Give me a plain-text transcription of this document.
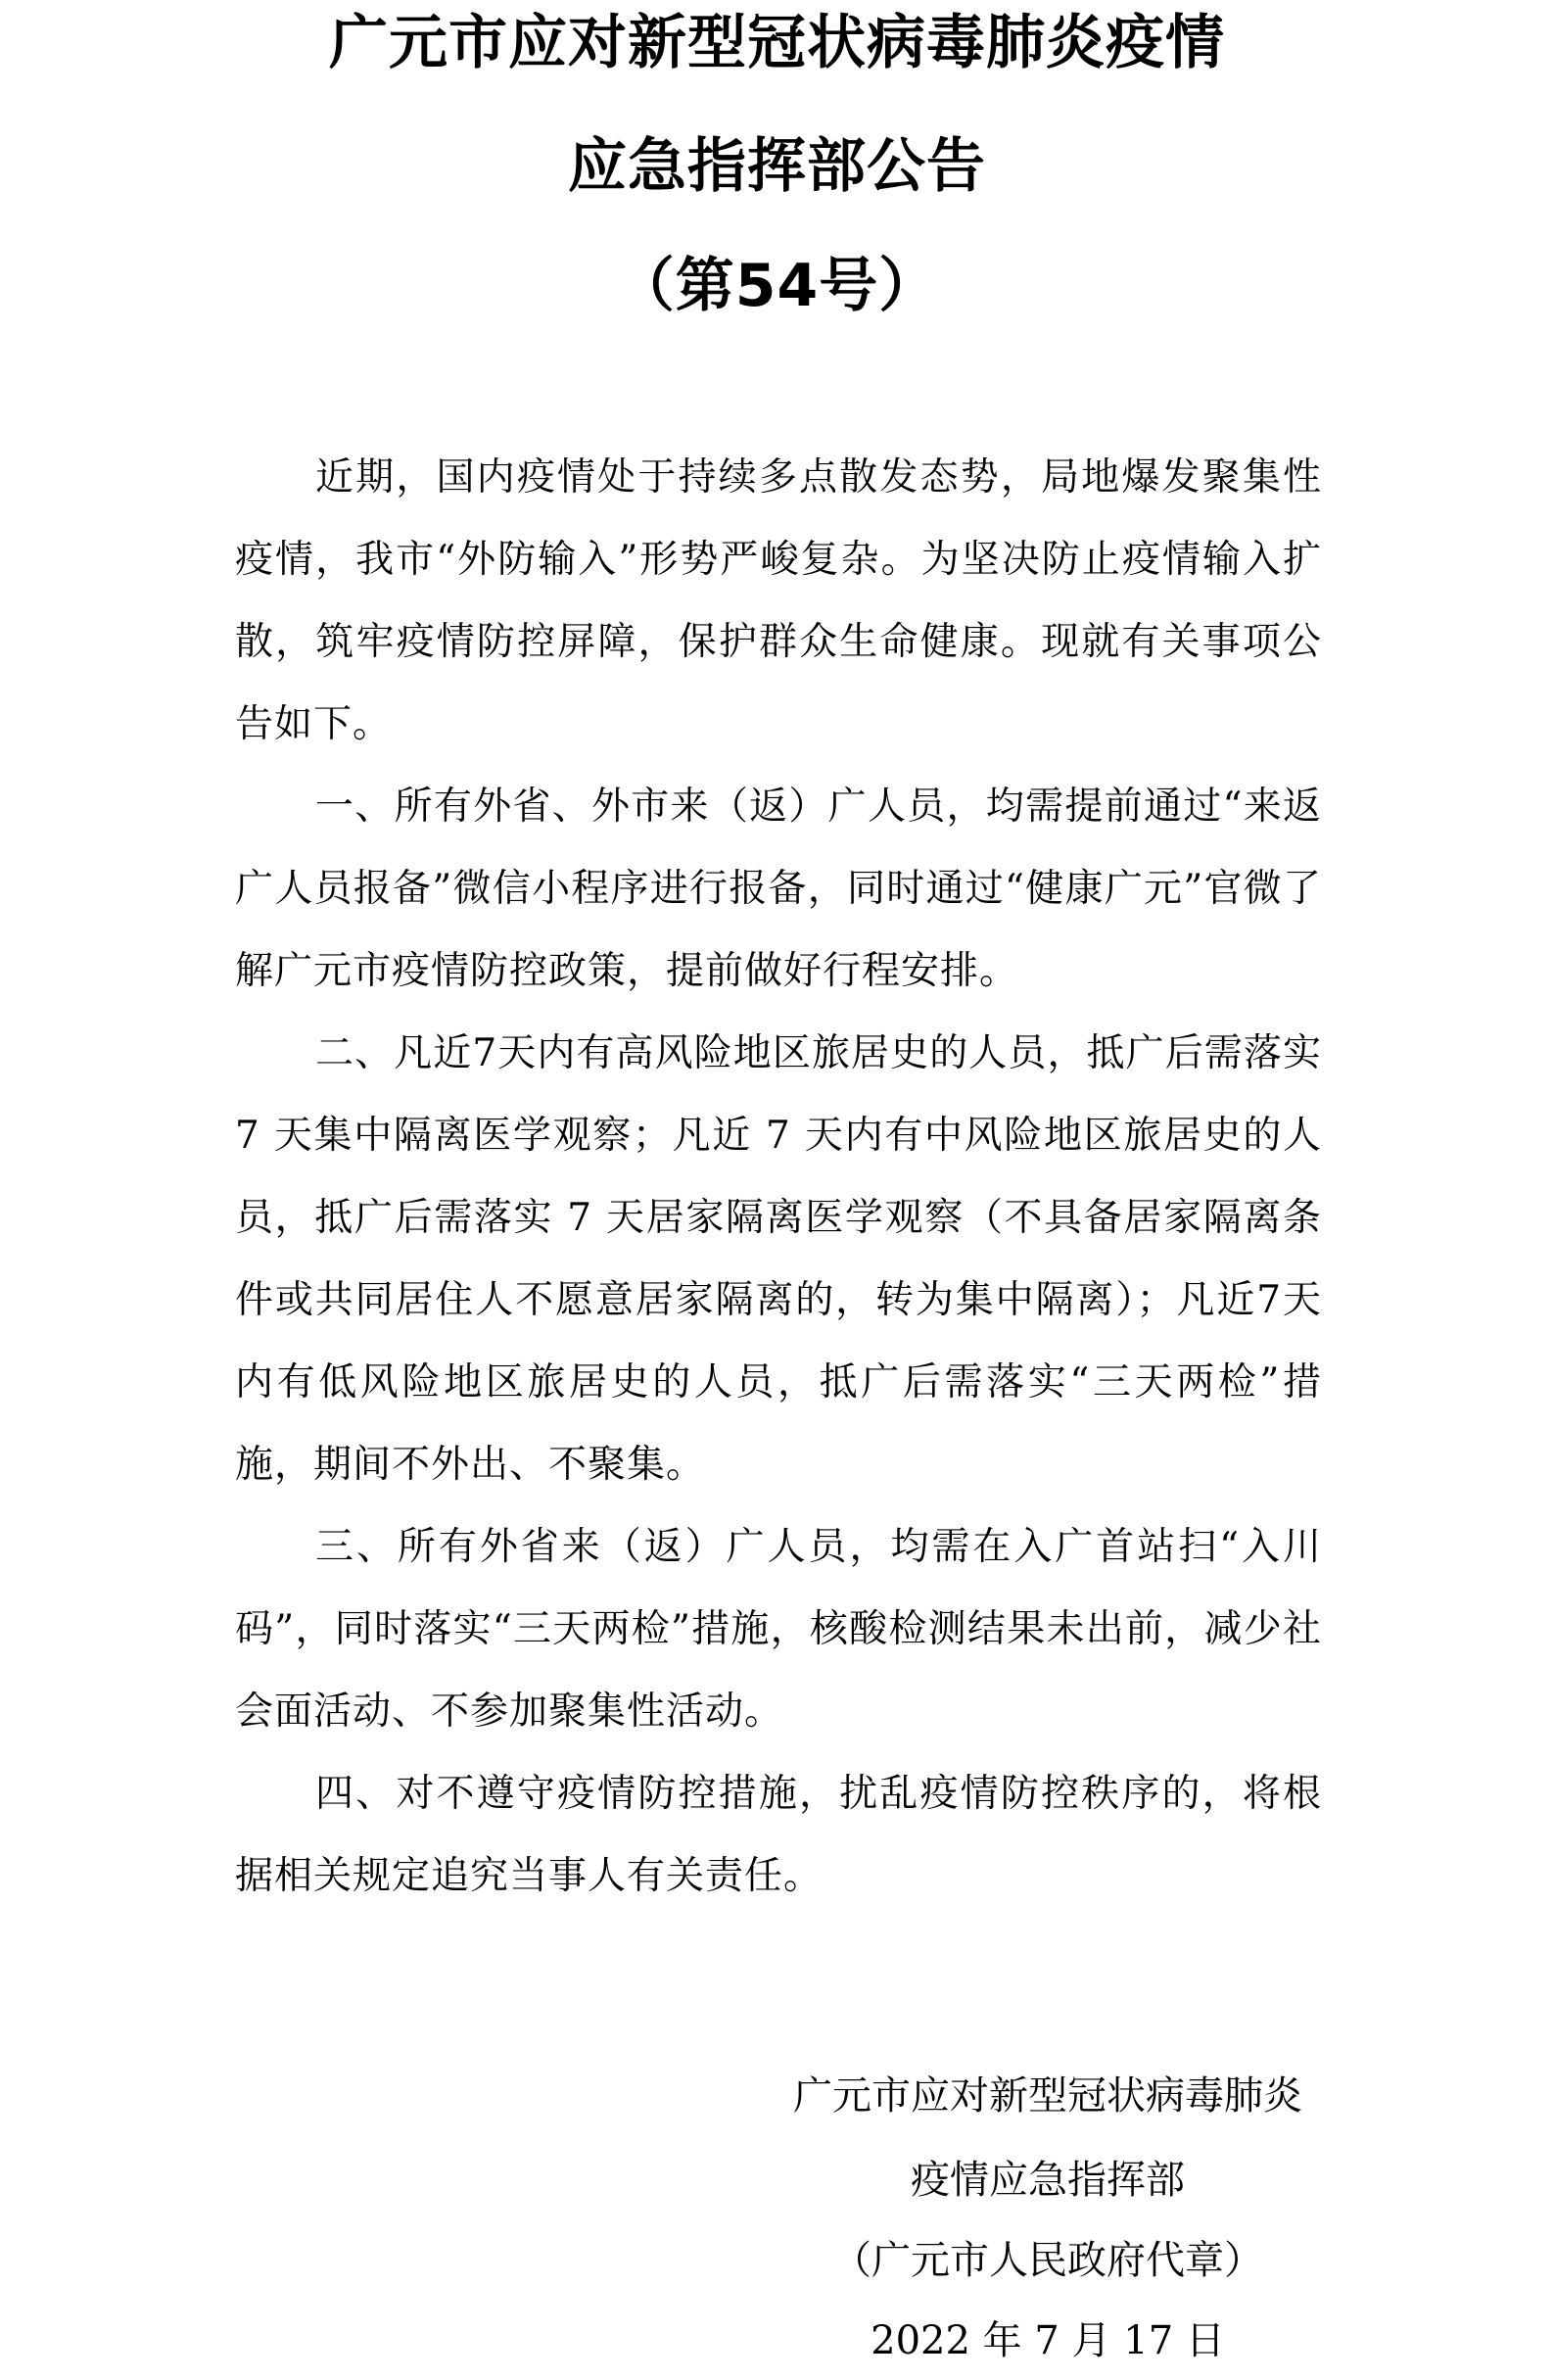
广元市应对新型冠状病毒肺炎疫情
应急指挥部公告
（第54号）

近期，国内疫情处于持续多点散发态势，局地爆发聚集性疫情，我市“外防输入”形势严峻复杂。为坚决防止疫情输入扩散，筑牢疫情防控屏障，保护群众生命健康。现就有关事项公告如下。

一、所有外省、外市来（返）广人员，均需提前通过“来返广人员报备”微信小程序进行报备，同时通过“健康广元”官微了解广元市疫情防控政策，提前做好行程安排。

二、凡近7天内有高风险地区旅居史的人员，抵广后需落实 7 天集中隔离医学观察；凡近 7 天内有中风险地区旅居史的人员，抵广后需落实 7 天居家隔离医学观察（不具备居家隔离条件或共同居住人不愿意居家隔离的，转为集中隔离）；凡近7天内有低风险地区旅居史的人员，抵广后需落实“三天两检”措施，期间不外出、不聚集。

三、所有外省来（返）广人员，均需在入广首站扫“入川码”，同时落实“三天两检”措施，核酸检测结果未出前，减少社会面活动、不参加聚集性活动。

四、对不遵守疫情防控措施，扰乱疫情防控秩序的，将根据相关规定追究当事人有关责任。

广元市应对新型冠状病毒肺炎
疫情应急指挥部
（广元市人民政府代章）
2022 年 7 月 17 日
